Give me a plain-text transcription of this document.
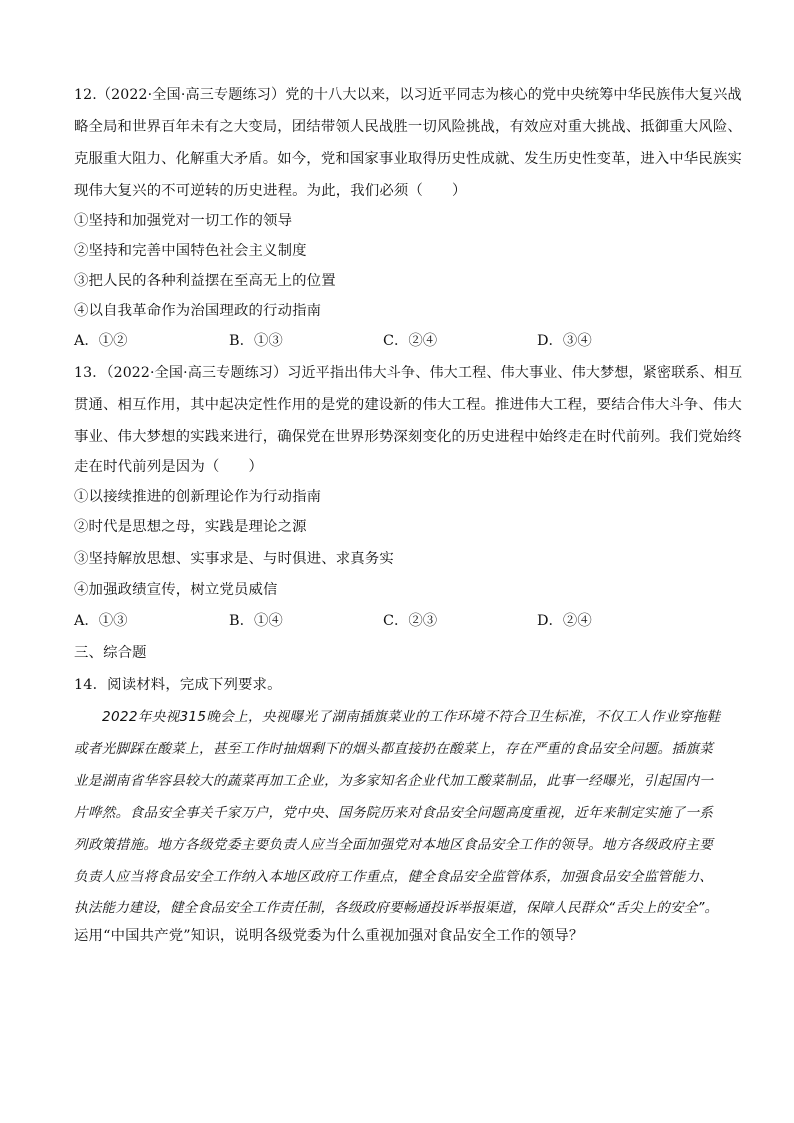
12.（2022·全国·高三专题练习）党的十八大以来，以习近平同志为核心的党中央统筹中华民族伟大复兴战
略全局和世界百年未有之大变局，团结带领人民战胜一切风险挑战，有效应对重大挑战、抵御重大风险、
克服重大阻力、化解重大矛盾。如今，党和国家事业取得历史性成就、发生历史性变革，进入中华民族实
现伟大复兴的不可逆转的历史进程。为此，我们必须（　　）
①坚持和加强党对一切工作的领导
②坚持和完善中国特色社会主义制度
③把人民的各种利益摆在至高无上的位置
④以自我革命作为治国理政的行动指南
A．①②	B．①③	C．②④	D．③④
13．（2022·全国·高三专题练习）习近平指出伟大斗争、伟大工程、伟大事业、伟大梦想，紧密联系、相互
贯通、相互作用，其中起决定性作用的是党的建设新的伟大工程。推进伟大工程，要结合伟大斗争、伟大
事业、伟大梦想的实践来进行，确保党在世界形势深刻变化的历史进程中始终走在时代前列。我们党始终
走在时代前列是因为（　　）
①以接续推进的创新理论作为行动指南
②时代是思想之母，实践是理论之源
③坚持解放思想、实事求是、与时俱进、求真务实
④加强政绩宣传，树立党员威信
A．①③	B．①④	C．②③	D．②④
三、综合题
14．阅读材料，完成下列要求。
2022年央视315晚会上，央视曝光了湖南插旗菜业的工作环境不符合卫生标准，不仅工人作业穿拖鞋
或者光脚踩在酸菜上，甚至工作时抽烟剩下的烟头都直接扔在酸菜上，存在严重的食品安全问题。插旗菜
业是湖南省华容县较大的蔬菜再加工企业，为多家知名企业代加工酸菜制品，此事一经曝光，引起国内一
片哗然。食品安全事关千家万户，党中央、国务院历来对食品安全问题高度重视，近年来制定实施了一系
列政策措施。地方各级党委主要负责人应当全面加强党对本地区食品安全工作的领导。地方各级政府主要
负责人应当将食品安全工作纳入本地区政府工作重点，健全食品安全监管体系，加强食品安全监管能力、
执法能力建设，健全食品安全工作责任制，各级政府要畅通投诉举报渠道，保障人民群众“舌尖上的安全”。
运用“中国共产党”知识，说明各级党委为什么重视加强对食品安全工作的领导？
